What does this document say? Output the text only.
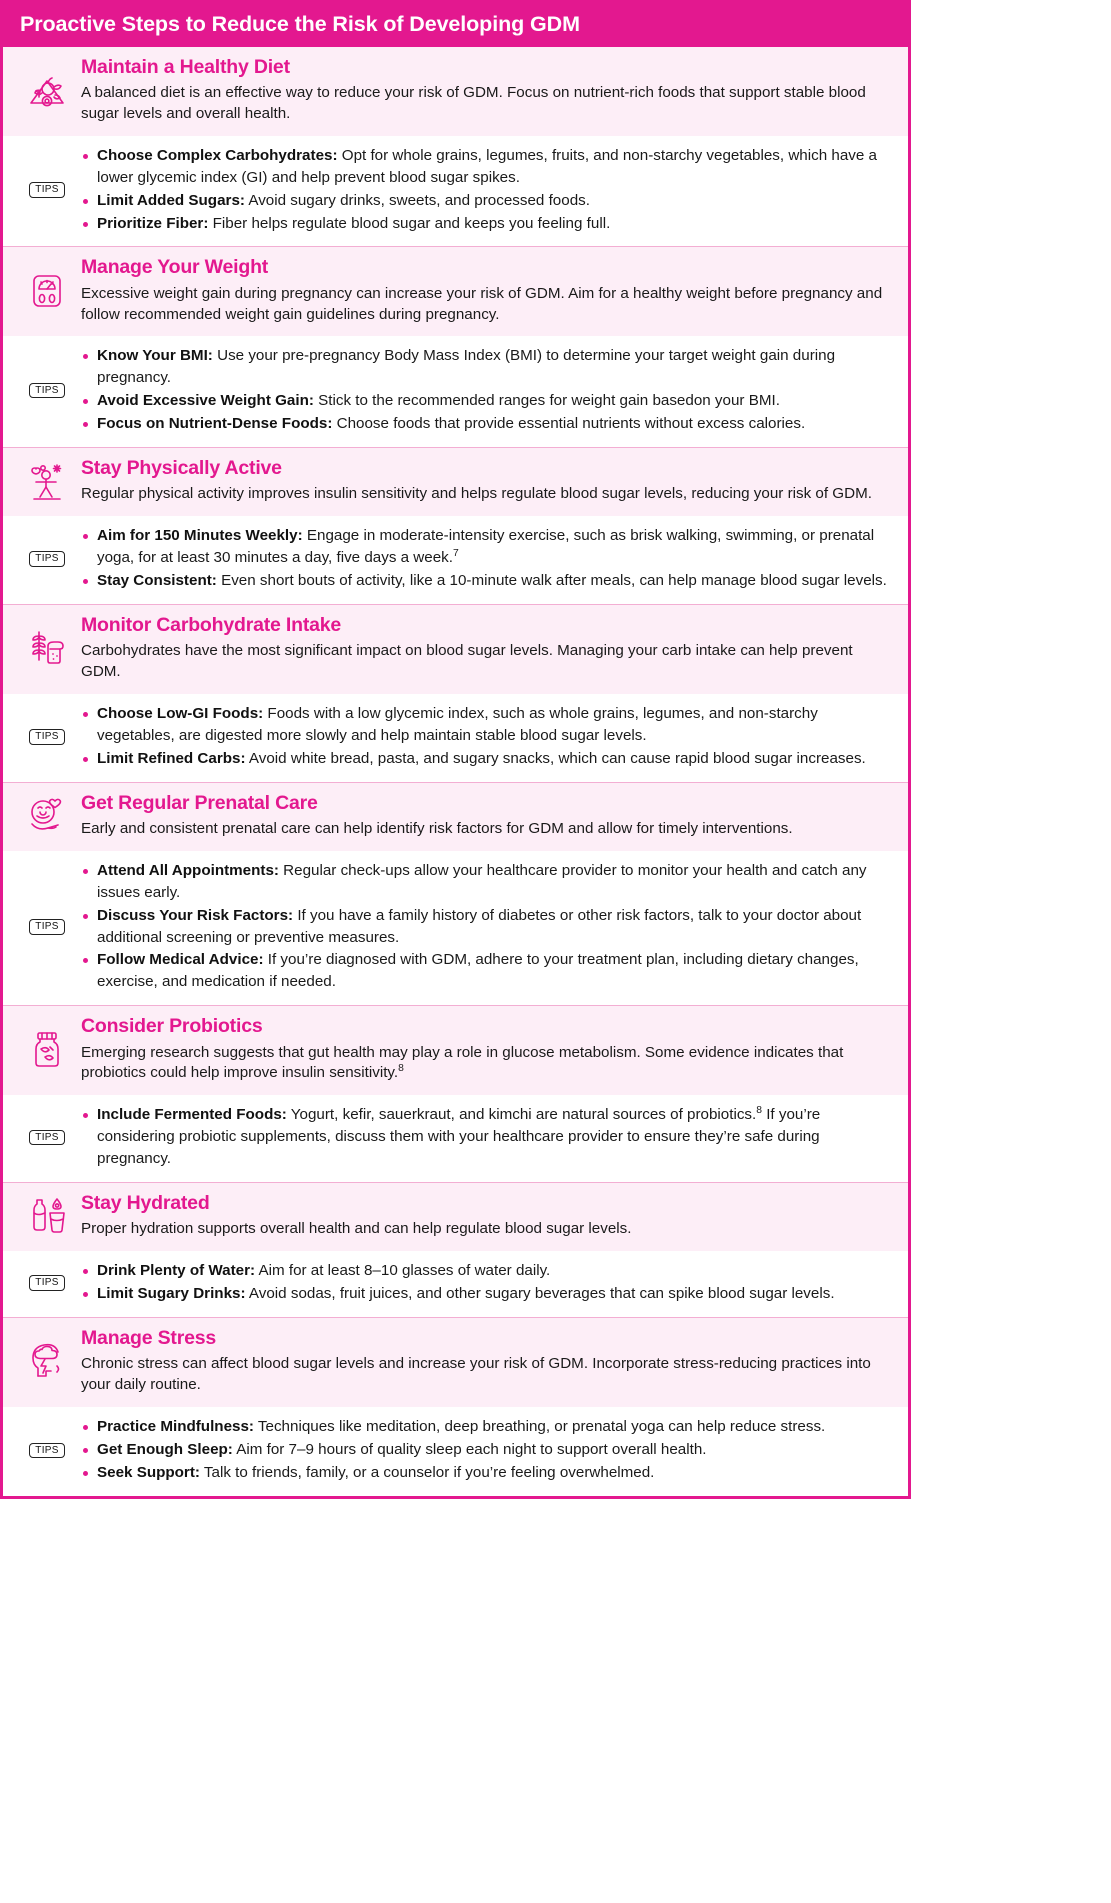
Proactive Steps to Reduce the Risk of Developing GDM
Maintain a Healthy Diet

A balanced diet is an effective way to reduce your risk of GDM. Focus on nutrient-rich foods that support stable blood sugar levels and overall health.

TIPS
Choose Complex Carbohydrates: Opt for whole grains, legumes, fruits, and non-starchy vegetables, which have a lower glycemic index (GI) and help prevent blood sugar spikes.
Limit Added Sugars: Avoid sugary drinks, sweets, and processed foods.
Prioritize Fiber: Fiber helps regulate blood sugar and keeps you feeling full.
Manage Your Weight

Excessive weight gain during pregnancy can increase your risk of GDM. Aim for a healthy weight before pregnancy and follow recommended weight gain guidelines during pregnancy.

TIPS
Know Your BMI: Use your pre-pregnancy Body Mass Index (BMI) to determine your target weight gain during pregnancy.
Avoid Excessive Weight Gain: Stick to the recommended ranges for weight gain basedon your BMI.
Focus on Nutrient-Dense Foods: Choose foods that provide essential nutrients without excess calories.
Stay Physically Active

Regular physical activity improves insulin sensitivity and helps regulate blood sugar levels, reducing your risk of GDM.

TIPS
Aim for 150 Minutes Weekly: Engage in moderate-intensity exercise, such as brisk walking, swimming, or prenatal yoga, for at least 30 minutes a day, five days a week.$^7$
Stay Consistent: Even short bouts of activity, like a 10-minute walk after meals, can help manage blood sugar levels.
Monitor Carbohydrate Intake

Carbohydrates have the most significant impact on blood sugar levels. Managing your carb intake can help prevent GDM.

TIPS
Choose Low-GI Foods: Foods with a low glycemic index, such as whole grains, legumes, and non-starchy vegetables, are digested more slowly and help maintain stable blood sugar levels.
Limit Refined Carbs: Avoid white bread, pasta, and sugary snacks, which can cause rapid blood sugar increases.
Get Regular Prenatal Care

Early and consistent prenatal care can help identify risk factors for GDM and allow for timely interventions.

TIPS
Attend All Appointments: Regular check-ups allow your healthcare provider to monitor your health and catch any issues early.
Discuss Your Risk Factors: If you have a family history of diabetes or other risk factors, talk to your doctor about additional screening or preventive measures.
Follow Medical Advice: If you’re diagnosed with GDM, adhere to your treatment plan, including dietary changes, exercise, and medication if needed.
Consider Probiotics

Emerging research suggests that gut health may play a role in glucose metabolism. Some evidence indicates that probiotics could help improve insulin sensitivity.$^8$

TIPS
Include Fermented Foods: Yogurt, kefir, sauerkraut, and kimchi are natural sources of probiotics.$^8$ If you’re considering probiotic supplements, discuss them with your healthcare provider to ensure they’re safe during pregnancy.
Stay Hydrated

Proper hydration supports overall health and can help regulate blood sugar levels.

TIPS
Drink Plenty of Water: Aim for at least 8–10 glasses of water daily.
Limit Sugary Drinks: Avoid sodas, fruit juices, and other sugary beverages that can spike blood sugar levels.
Manage Stress

Chronic stress can affect blood sugar levels and increase your risk of GDM. Incorporate stress-reducing practices into your daily routine.

TIPS
Practice Mindfulness: Techniques like meditation, deep breathing, or prenatal yoga can help reduce stress.
Get Enough Sleep: Aim for 7–9 hours of quality sleep each night to support overall health.
Seek Support: Talk to friends, family, or a counselor if you’re feeling overwhelmed.
